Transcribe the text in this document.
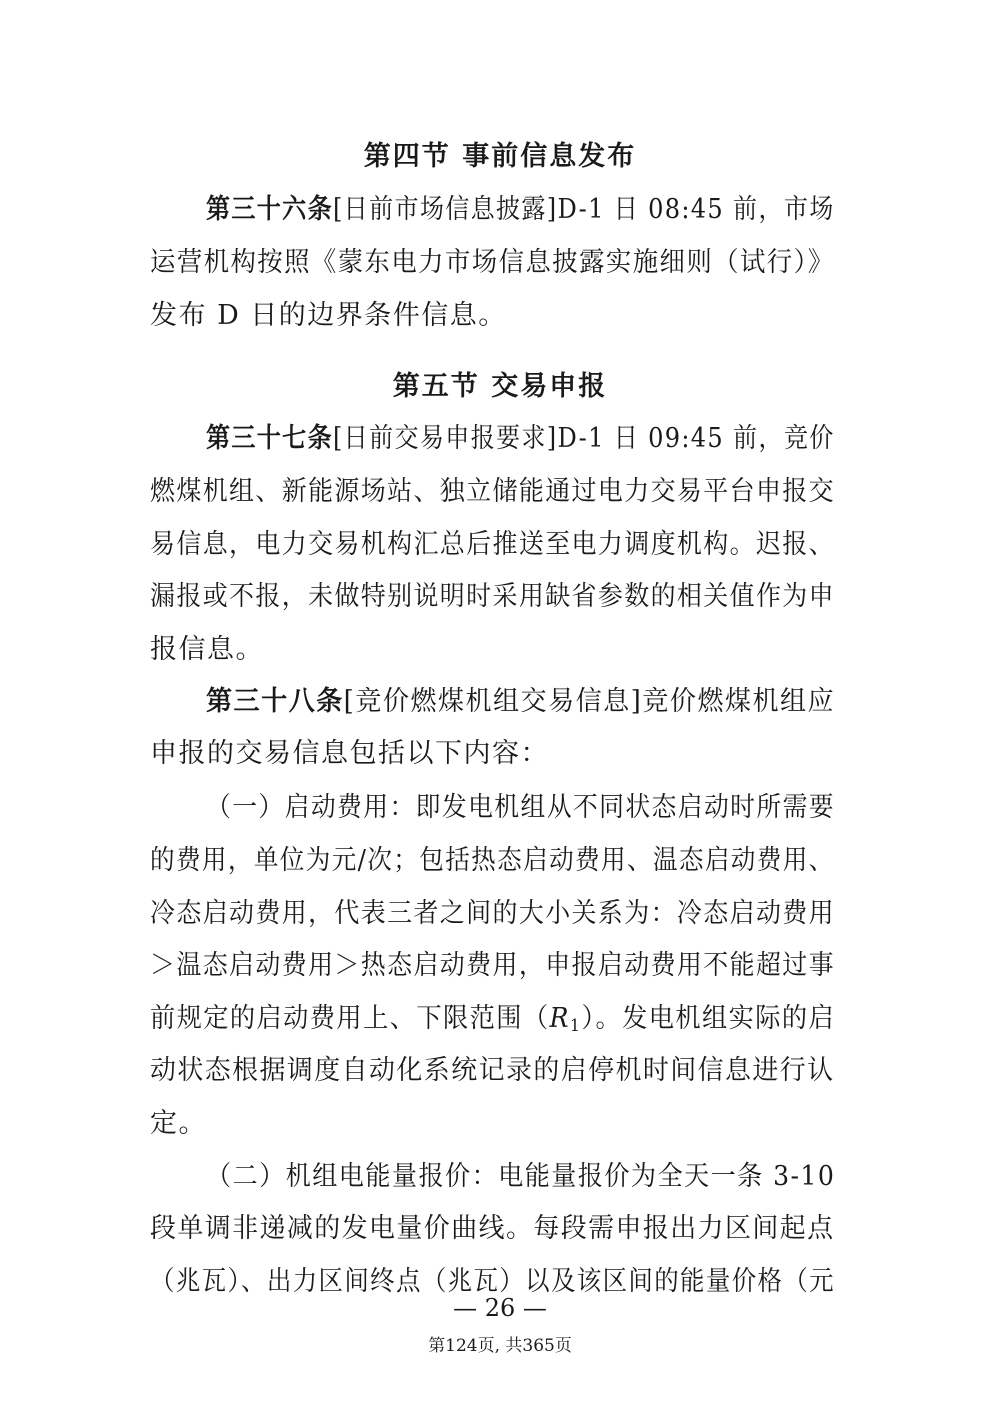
第四节 事前信息发布
第三十六条[日前市场信息披露]D-1 日 08:45 前，市场
运营机构按照《蒙东电力市场信息披露实施细则（试行）》
发布 D 日的边界条件信息。
第五节 交易申报
第三十七条[日前交易申报要求]D-1 日 09:45 前，竞价
燃煤机组、新能源场站、独立储能通过电力交易平台申报交
易信息，电力交易机构汇总后推送至电力调度机构。迟报、
漏报或不报，未做特别说明时采用缺省参数的相关值作为申
报信息。
第三十八条[竞价燃煤机组交易信息]竞价燃煤机组应
申报的交易信息包括以下内容：
（一）启动费用：即发电机组从不同状态启动时所需要
的费用，单位为元/次；包括热态启动费用、温态启动费用、
冷态启动费用，代表三者之间的大小关系为：冷态启动费用
＞温态启动费用＞热态启动费用，申报启动费用不能超过事
前规定的启动费用上、下限范围$(R_1)$。发电机组实际的启
动状态根据调度自动化系统记录的启停机时间信息进行认
定。
（二）机组电能量报价：电能量报价为全天一条 3-10
段单调非递减的发电量价曲线。每段需申报出力区间起点
（兆瓦）、出力区间终点（兆瓦）以及该区间的能量价格（元
— 26 —
第124页, 共365页
